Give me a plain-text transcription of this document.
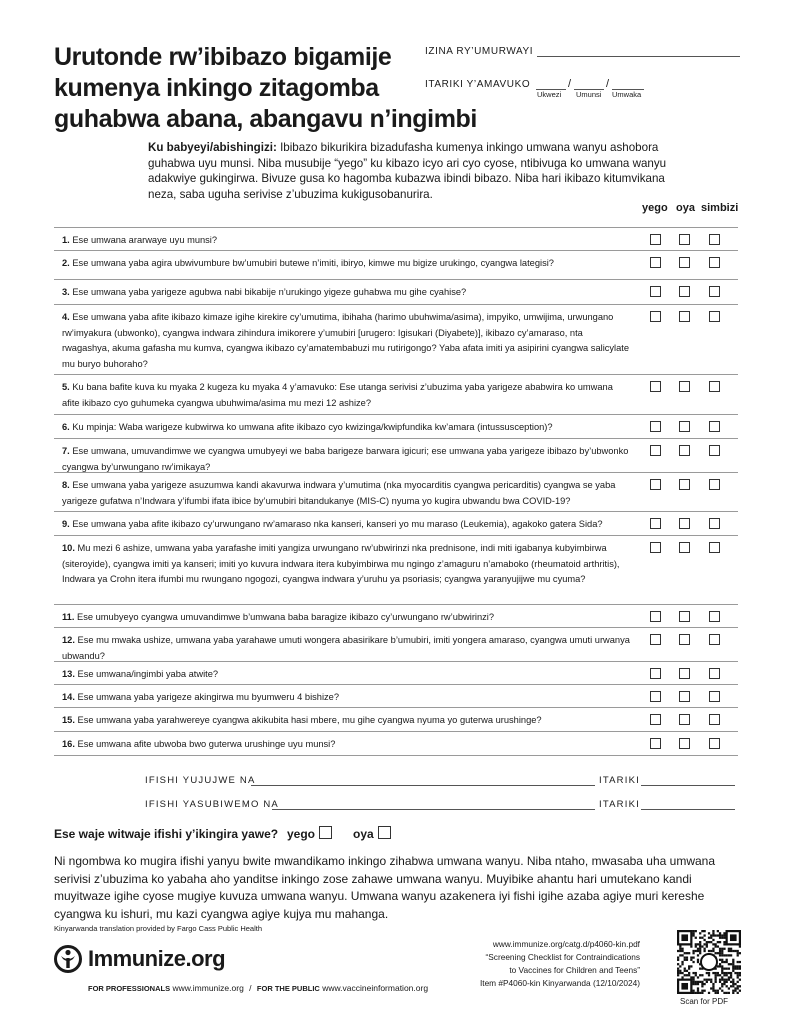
Urutonde rw’ibibazo bigamije
kumenya inkingo zitagomba
guhabwa abana, abangavu n’ingimbi
IZINA RY’UMURWAYI
ITARIKI Y’AMAVUKO	/	/
Ukwezi Umunsi Umwaka
Ku babyeyi/abishingizi: Ibibazo bikurikira bizadufasha kumenya inkingo umwana wanyu ashobora guhabwa uyu munsi. Niba musubije “yego” ku kibazo icyo ari cyo cyose, ntibivuga ko umwana wanyu adakwiye gukingirwa. Bivuze gusa ko hagomba kubazwa ibindi bibazo. Niba hari ikibazo kitumvikana neza, saba uguha serivise z’ubuzima kukigusobanurira.
yego oya simbizi
1. Ese umwana ararwaye uyu munsi?
2. Ese umwana yaba agira ubwivumbure bw’umubiri butewe n’imiti, ibiryo, kimwe mu bigize urukingo, cyangwa lategisi?
3. Ese umwana yaba yarigeze agubwa nabi bikabije n’urukingo yigeze guhabwa mu gihe cyahise?
4. Ese umwana yaba afite ikibazo kimaze igihe kirekire cy’umutima, ibihaha (harimo ubuhwima/asima), impyiko, umwijima, urwungano rw’imyakura (ubwonko), cyangwa indwara zihindura imikorere y’umubiri [urugero: Igisukari (Diyabete)], ikibazo cy’amaraso, nta rwagashya, akuma gafasha mu kumva, cyangwa ikibazo cy’amatembabuzi mu rutirigongo? Yaba afata imiti ya asipirini cyangwa salicylate mu buryo buhoraho?
5. Ku bana bafite kuva ku myaka 2 kugeza ku myaka 4 y’amavuko: Ese utanga serivisi z’ubuzima yaba yarigeze ababwira ko umwana afite ikibazo cyo guhumeka cyangwa ubuhwima/asima mu mezi 12 ashize?
6. Ku mpinja: Waba warigeze kubwirwa ko umwana afite ikibazo cyo kwizinga/kwipfundika kw’amara (intussusception)?
7. Ese umwana, umuvandimwe we cyangwa umubyeyi we baba barigeze barwara igicuri; ese umwana yaba yarigeze ibibazo by’ubwonko cyangwa by’urwungano rw’imikaya?
8. Ese umwana yaba yarigeze asuzumwa kandi akavurwa indwara y’umutima (nka myocarditis cyangwa pericarditis) cyangwa se yaba yarigeze gufatwa n’Indwara y’ifumbi ifata ibice by’umubiri bitandukanye (MIS-C) nyuma yo kugira ubwandu bwa COVID-19?
9. Ese umwana yaba afite ikibazo cy’urwungano rw’amaraso nka kanseri, kanseri yo mu maraso (Leukemia), agakoko gatera Sida?
10. Mu mezi 6 ashize, umwana yaba yarafashe imiti yangiza urwungano rw’ubwirinzi nka prednisone, indi miti igabanya kubyimbirwa (siteroyide), cyangwa imiti ya kanseri; imiti yo kuvura indwara itera kubyimbirwa mu ngingo z’amaguru n’amaboko (rheumatoid arthritis), Indwara ya Crohn itera ifumbi mu rwungano ngogozi, cyangwa indwara y’uruhu ya psoriasis; cyangwa yaranyujijwe mu cyuma?
11. Ese umubyeyo cyangwa umuvandimwe b’umwana baba baragize ikibazo cy’urwungano rw’ubwirinzi?
12. Ese mu mwaka ushize, umwana yaba yarahawe umuti wongera abasirikare b’umubiri, imiti yongera amaraso, cyangwa umuti urwanya ubwandu?
13. Ese umwana/ingimbi yaba atwite?
14. Ese umwana yaba yarigeze akingirwa mu byumweru 4 bishize?
15. Ese umwana yaba yarahwereye cyangwa akikubita hasi mbere, mu gihe cyangwa nyuma yo guterwa urushinge?
16. Ese umwana afite ubwoba bwo guterwa urushinge uyu munsi?
IFISHI YUJUJWE NA	ITARIKI
IFISHI YASUBIWEMO NA	ITARIKI
Ese waje witwaje ifishi y’ikingira yawe? yego	oya
Ni ngombwa ko mugira ifishi yanyu bwite mwandikamo inkingo zihabwa umwana wanyu. Niba ntaho, mwasaba uha umwana serivisi z’ubuzima ko yabaha aho yanditse inkingo zose zahawe umwana wanyu. Muyibike ahantu hari umutekano kandi muyitwaze igihe cyose mugiye kuvuza umwana wanyu. Umwana wanyu azakenera iyi fishi igihe azaba agiye muri kereshe cyangwa ku ishuri, mu kazi cyangwa agiye kujya mu mahanga.
Kinyarwanda translation provided by Fargo Cass Public Health
Immunize.org
FOR PROFESSIONALS www.immunize.org / FOR THE PUBLIC www.vaccineinformation.org
www.immunize.org/catg.d/p4060-kin.pdf
“Screening Checklist for Contraindications
to Vaccines for Children and Teens”
Item #P4060-kin Kinyarwanda (12/10/2024)
Scan for PDF
